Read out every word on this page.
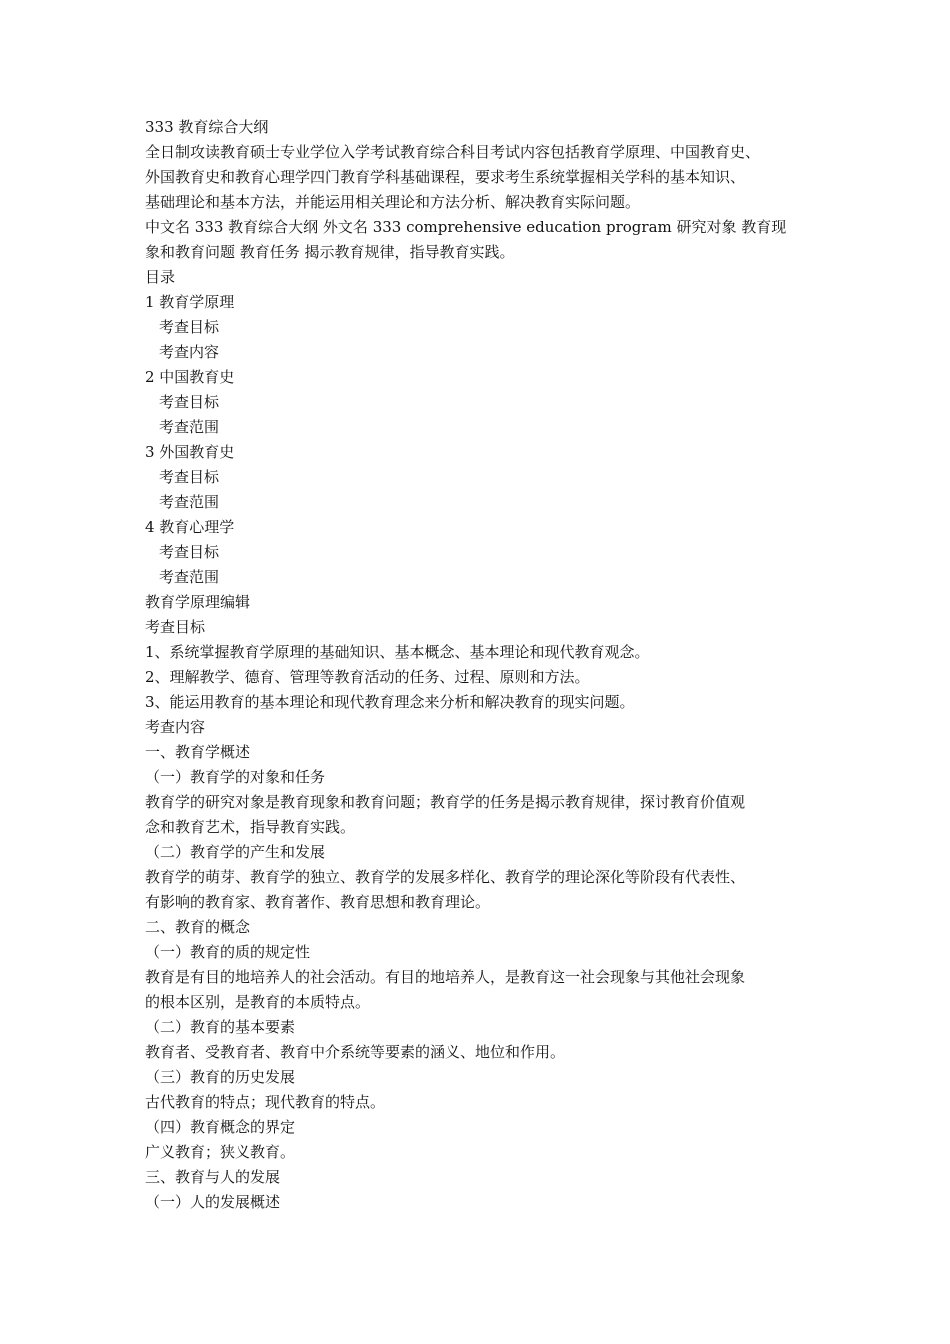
333 教育综合大纲
全日制攻读教育硕士专业学位入学考试教育综合科目考试内容包括教育学原理、中国教育史、
外国教育史和教育心理学四门教育学科基础课程，要求考生系统掌握相关学科的基本知识、
基础理论和基本方法，并能运用相关理论和方法分析、解决教育实际问题。
中文名 333 教育综合大纲 外文名 333 comprehensive education program 研究对象 教育现
象和教育问题 教育任务 揭示教育规律，指导教育实践。
目录
1 教育学原理
考查目标
考查内容
2 中国教育史
考查目标
考查范围
3 外国教育史
考查目标
考查范围
4 教育心理学
考查目标
考查范围
教育学原理编辑
考查目标
1、系统掌握教育学原理的基础知识、基本概念、基本理论和现代教育观念。
2、理解教学、德育、管理等教育活动的任务、过程、原则和方法。
3、能运用教育的基本理论和现代教育理念来分析和解决教育的现实问题。
考查内容
一、教育学概述
（一）教育学的对象和任务
教育学的研究对象是教育现象和教育问题；教育学的任务是揭示教育规律，探讨教育价值观
念和教育艺术，指导教育实践。
（二）教育学的产生和发展
教育学的萌芽、教育学的独立、教育学的发展多样化、教育学的理论深化等阶段有代表性、
有影响的教育家、教育著作、教育思想和教育理论。
二、教育的概念
（一）教育的质的规定性
教育是有目的地培养人的社会活动。有目的地培养人，是教育这一社会现象与其他社会现象
的根本区别，是教育的本质特点。
（二）教育的基本要素
教育者、受教育者、教育中介系统等要素的涵义、地位和作用。
（三）教育的历史发展
古代教育的特点；现代教育的特点。
（四）教育概念的界定
广义教育；狭义教育。
三、教育与人的发展
（一）人的发展概述
